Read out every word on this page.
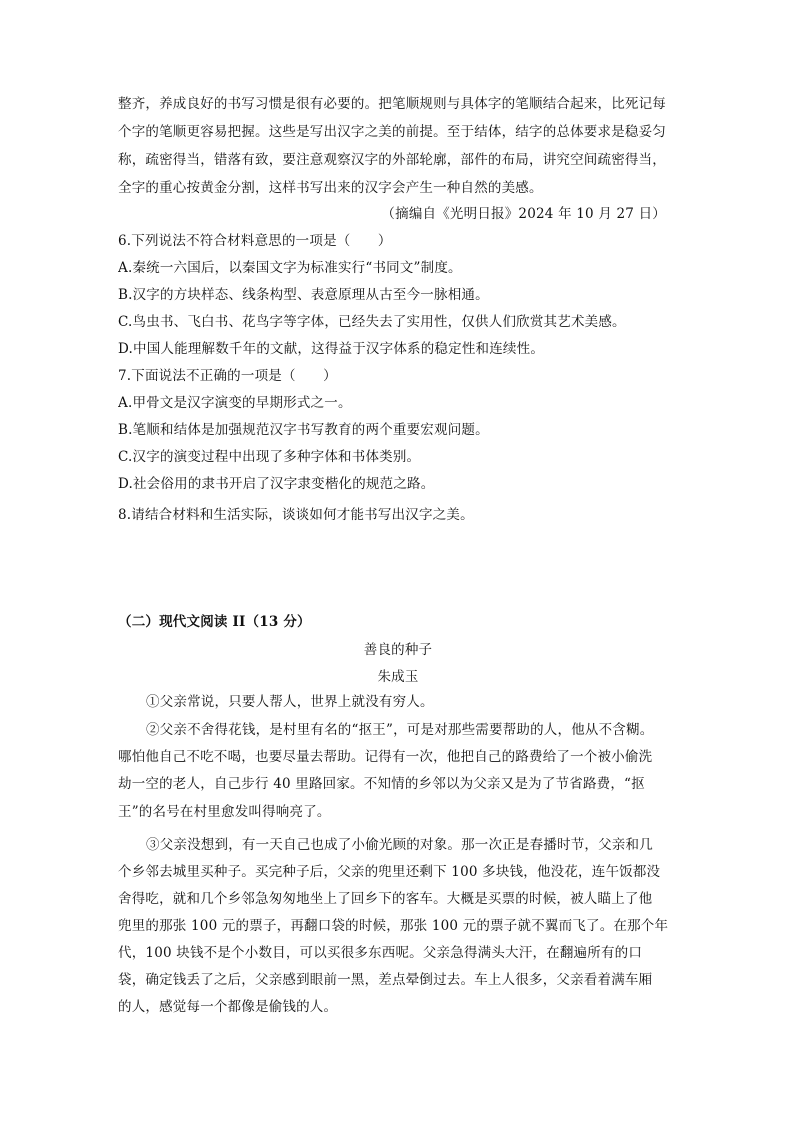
整齐，养成良好的书写习惯是很有必要的。把笔顺规则与具体字的笔顺结合起来，比死记每
个字的笔顺更容易把握。这些是写出汉字之美的前提。至于结体，结字的总体要求是稳妥匀
称，疏密得当，错落有致，要注意观察汉字的外部轮廓，部件的布局，讲究空间疏密得当，
全字的重心按黄金分割，这样书写出来的汉字会产生一种自然的美感。
（摘编自《光明日报》2024 年 10 月 27 日）
6.下列说法不符合材料意思的一项是（　　）
A.秦统一六国后，以秦国文字为标准实行“书同文”制度。
B.汉字的方块样态、线条构型、表意原理从古至今一脉相通。
C.鸟虫书、飞白书、花鸟字等字体，已经失去了实用性，仅供人们欣赏其艺术美感。
D.中国人能理解数千年的文献，这得益于汉字体系的稳定性和连续性。
7.下面说法不正确的一项是（　　）
A.甲骨文是汉字演变的早期形式之一。
B.笔顺和结体是加强规范汉字书写教育的两个重要宏观问题。
C.汉字的演变过程中出现了多种字体和书体类别。
D.社会俗用的隶书开启了汉字隶变楷化的规范之路。
8.请结合材料和生活实际，谈谈如何才能书写出汉字之美。
（二）现代文阅读 II（13 分）
善良的种子
朱成玉
①父亲常说，只要人帮人，世界上就没有穷人。
②父亲不舍得花钱，是村里有名的“抠王”，可是对那些需要帮助的人，他从不含糊。
哪怕他自己不吃不喝，也要尽量去帮助。记得有一次，他把自己的路费给了一个被小偷洗
劫一空的老人，自己步行 40 里路回家。不知情的乡邻以为父亲又是为了节省路费，“抠
王”的名号在村里愈发叫得响亮了。
③父亲没想到，有一天自己也成了小偷光顾的对象。那一次正是春播时节，父亲和几
个乡邻去城里买种子。买完种子后，父亲的兜里还剩下 100 多块钱，他没花，连午饭都没
舍得吃，就和几个乡邻急匆匆地坐上了回乡下的客车。大概是买票的时候，被人瞄上了他
兜里的那张 100 元的票子，再翻口袋的时候，那张 100 元的票子就不翼而飞了。在那个年
代，100 块钱不是个小数目，可以买很多东西呢。父亲急得满头大汗，在翻遍所有的口
袋，确定钱丢了之后，父亲感到眼前一黑，差点晕倒过去。车上人很多，父亲看着满车厢
的人，感觉每一个都像是偷钱的人。
